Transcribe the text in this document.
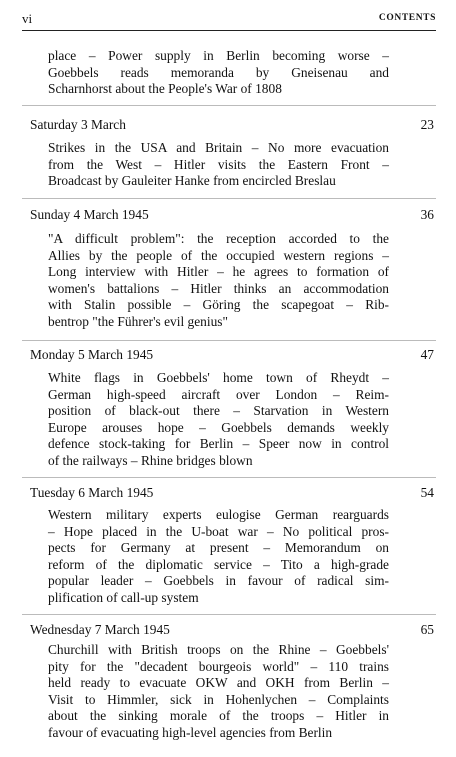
vi	CONTENTS
place – Power supply in Berlin becoming worse –
Goebbels reads memoranda by Gneisenau and
Scharnhorst about the People's War of 1808
Saturday 3 March	23
Strikes in the USA and Britain – No more evacuation
from the West – Hitler visits the Eastern Front –
Broadcast by Gauleiter Hanke from encircled Breslau
Sunday 4 March 1945	36
"A difficult problem": the reception accorded to the
Allies by the people of the occupied western regions –
Long interview with Hitler – he agrees to formation of
women's battalions – Hitler thinks an accommodation
with Stalin possible – Göring the scapegoat – Rib-
bentrop "the Führer's evil genius"
Monday 5 March 1945	47
White flags in Goebbels' home town of Rheydt –
German high-speed aircraft over London – Reim-
position of black-out there – Starvation in Western
Europe arouses hope – Goebbels demands weekly
defence stock-taking for Berlin – Speer now in control
of the railways – Rhine bridges blown
Tuesday 6 March 1945	54
Western military experts eulogise German rearguards
– Hope placed in the U-boat war – No political pros-
pects for Germany at present – Memorandum on
reform of the diplomatic service – Tito a high-grade
popular leader – Goebbels in favour of radical sim-
plification of call-up system
Wednesday 7 March 1945	65
Churchill with British troops on the Rhine – Goebbels'
pity for the "decadent bourgeois world" – 110 trains
held ready to evacuate OKW and OKH from Berlin –
Visit to Himmler, sick in Hohenlychen – Complaints
about the sinking morale of the troops – Hitler in
favour of evacuating high-level agencies from Berlin
